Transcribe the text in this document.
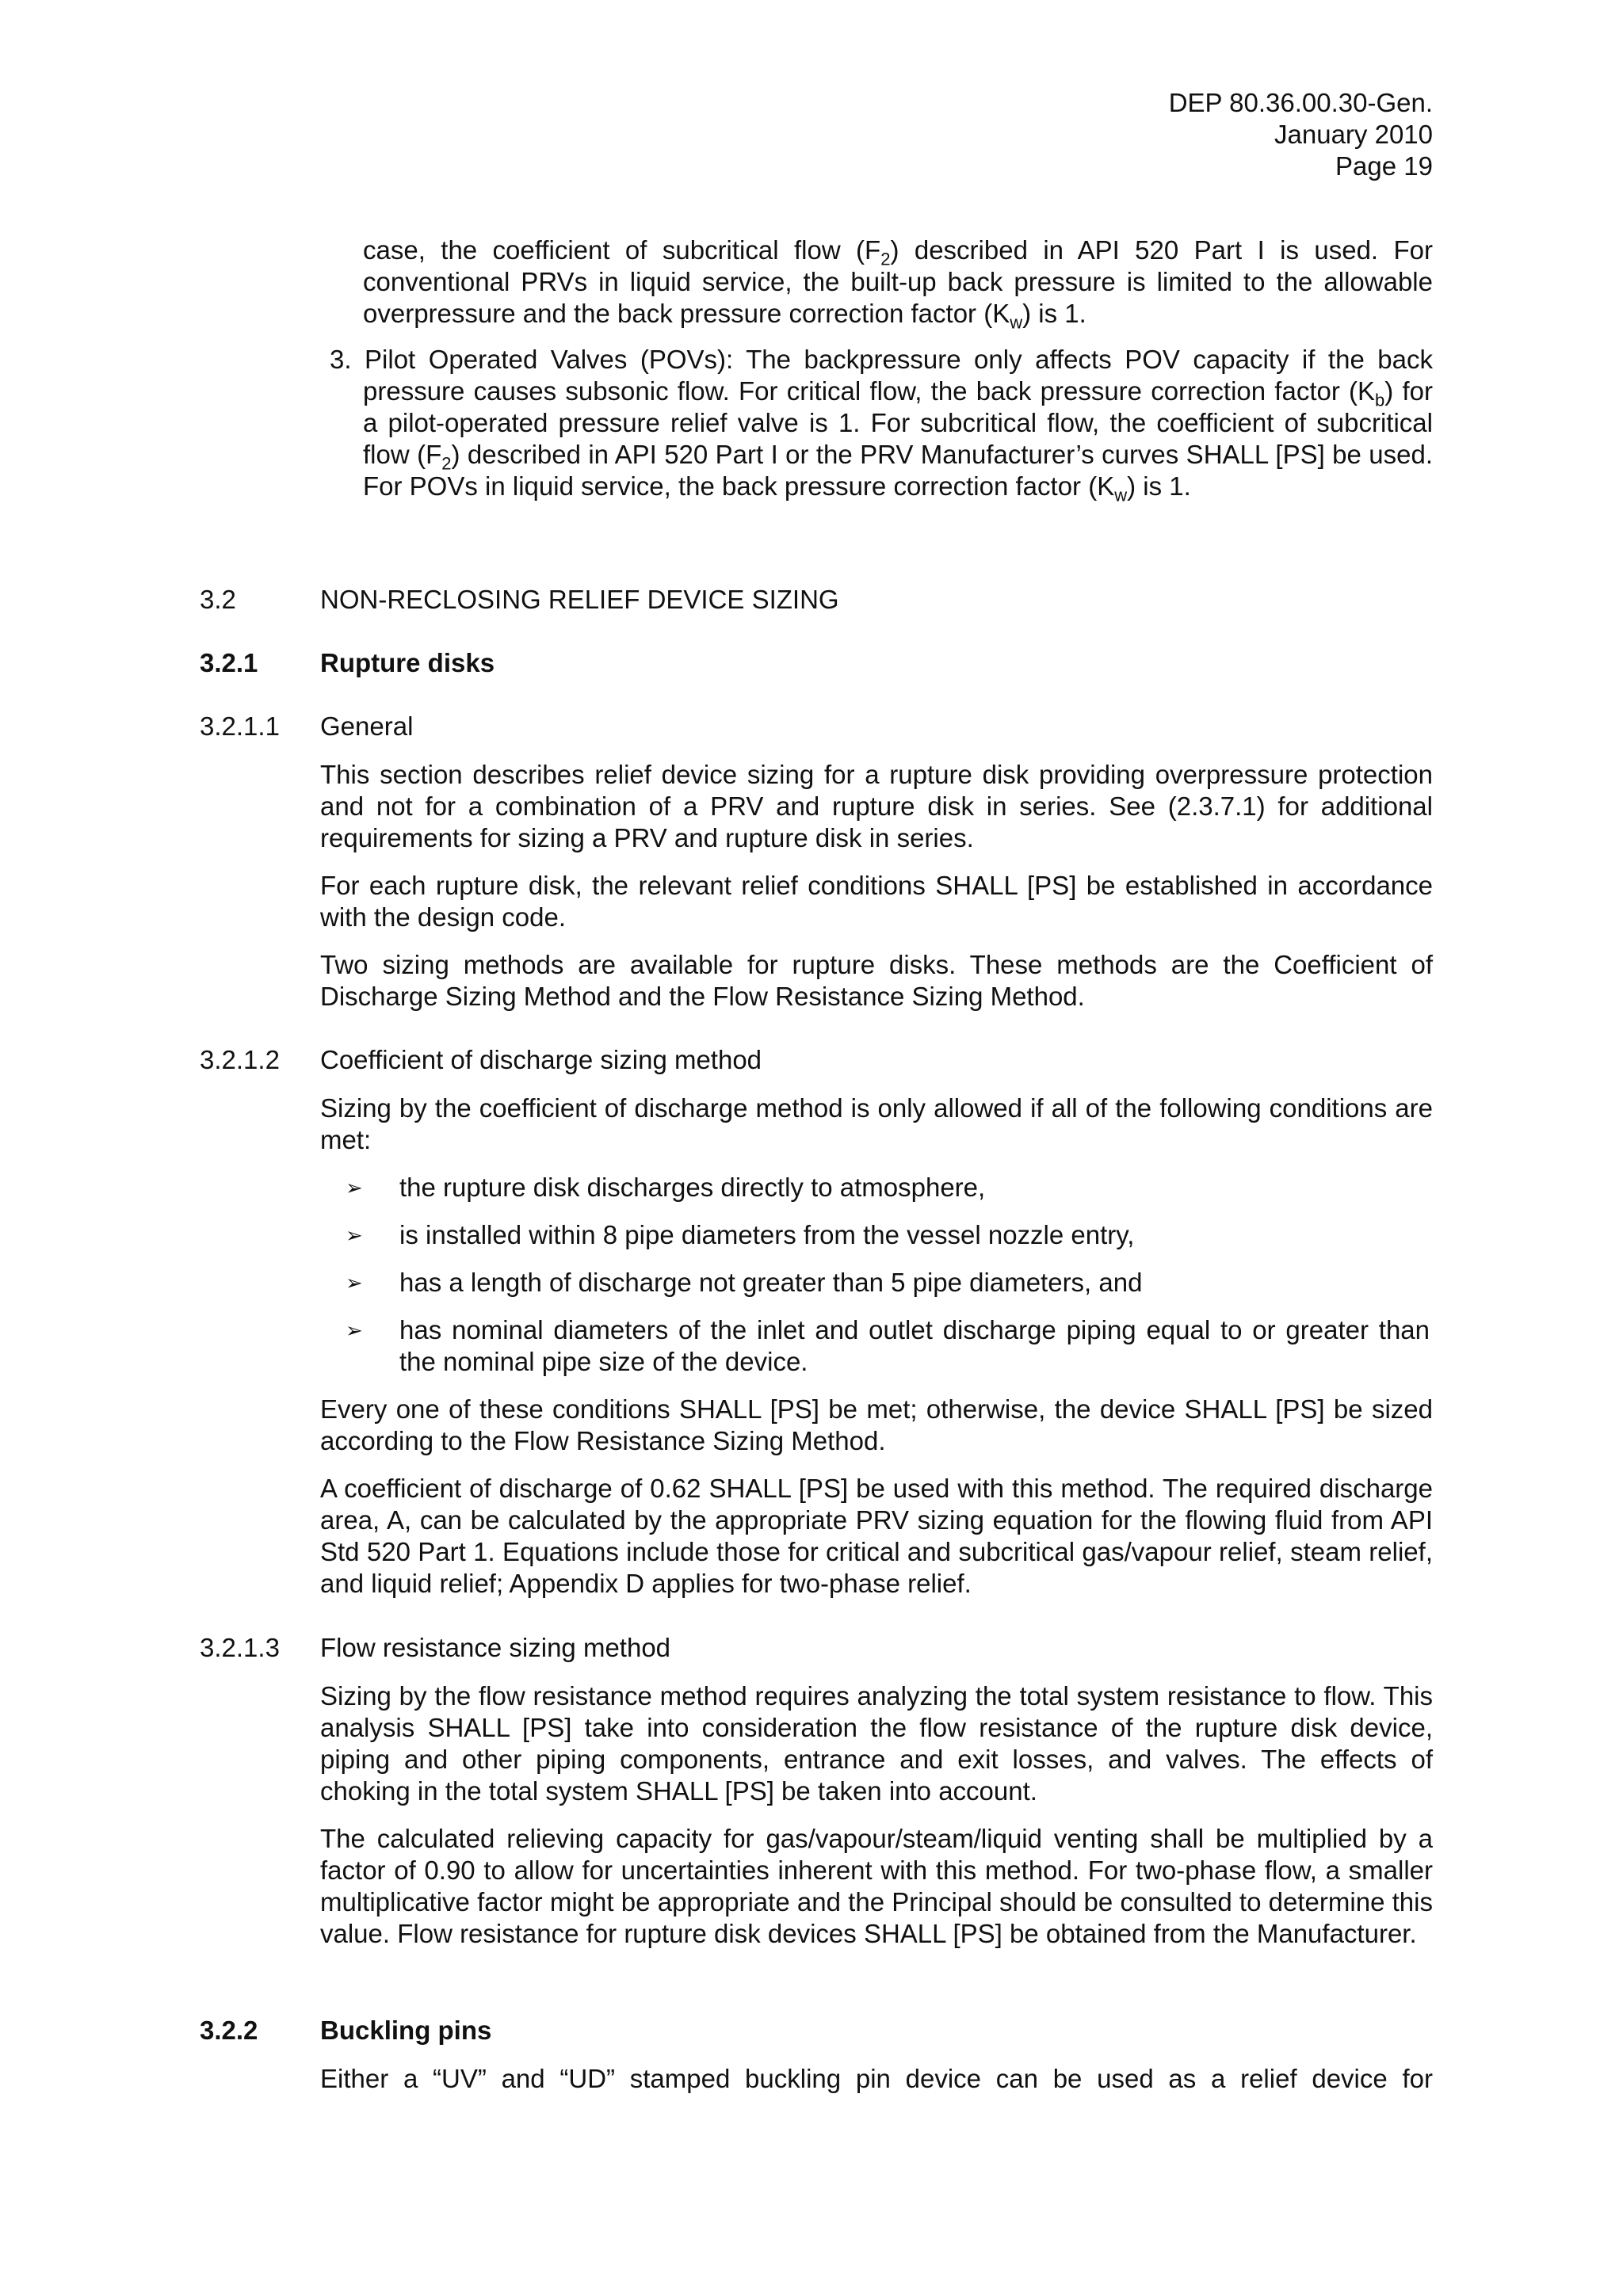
DEP 80.36.00.30-Gen.
January 2010
Page 19

case, the coefficient of subcritical flow $(F_2)$ described in API 520 Part I is used. For conventional PRVs in liquid service, the built-up back pressure is limited to the allowable overpressure and the back pressure correction factor $(K_w)$ is 1.

3. Pilot Operated Valves (POVs): The backpressure only affects POV capacity if the back pressure causes subsonic flow. For critical flow, the back pressure correction factor $(K_b)$ for a pilot-operated pressure relief valve is 1. For subcritical flow, the coefficient of subcritical flow $(F_2)$ described in API 520 Part I or the PRV Manufacturer’s curves SHALL [PS] be used. For POVs in liquid service, the back pressure correction factor $(K_w)$ is 1.

3.2	NON-RECLOSING RELIEF DEVICE SIZING
3.2.1 Rupture disks
3.2.1.1 General
This section describes relief device sizing for a rupture disk providing overpressure protection and not for a combination of a PRV and rupture disk in series. See (2.3.7.1) for additional requirements for sizing a PRV and rupture disk in series.
For each rupture disk, the relevant relief conditions SHALL [PS] be established in accordance with the design code.
Two sizing methods are available for rupture disks. These methods are the Coefficient of Discharge Sizing Method and the Flow Resistance Sizing Method.
3.2.1.2 Coefficient of discharge sizing method
Sizing by the coefficient of discharge method is only allowed if all of the following conditions are met:
➢ the rupture disk discharges directly to atmosphere,
➢ is installed within 8 pipe diameters from the vessel nozzle entry,
➢ has a length of discharge not greater than 5 pipe diameters, and
➢ has nominal diameters of the inlet and outlet discharge piping equal to or greater than the nominal pipe size of the device.
Every one of these conditions SHALL [PS] be met; otherwise, the device SHALL [PS] be sized according to the Flow Resistance Sizing Method.
A coefficient of discharge of 0.62 SHALL [PS] be used with this method. The required discharge area, A, can be calculated by the appropriate PRV sizing equation for the flowing fluid from API Std 520 Part 1. Equations include those for critical and subcritical gas/vapour relief, steam relief, and liquid relief; Appendix D applies for two-phase relief.
3.2.1.3 Flow resistance sizing method
Sizing by the flow resistance method requires analyzing the total system resistance to flow. This analysis SHALL [PS] take into consideration the flow resistance of the rupture disk device, piping and other piping components, entrance and exit losses, and valves. The effects of choking in the total system SHALL [PS] be taken into account.
The calculated relieving capacity for gas/vapour/steam/liquid venting shall be multiplied by a factor of 0.90 to allow for uncertainties inherent with this method. For two-phase flow, a smaller multiplicative factor might be appropriate and the Principal should be consulted to determine this value. Flow resistance for rupture disk devices SHALL [PS] be obtained from the Manufacturer.
3.2.2 Buckling pins
Either a “UV” and “UD” stamped buckling pin device can be used as a relief device for
